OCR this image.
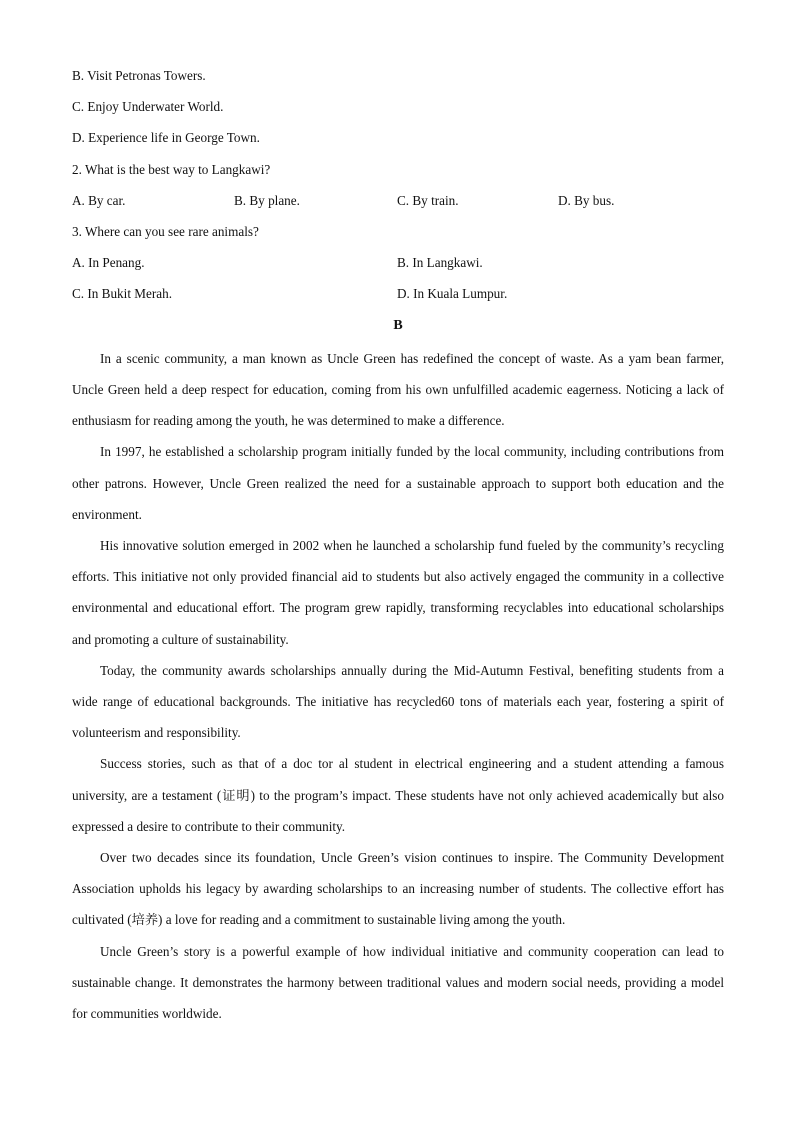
B. Visit Petronas Towers.
C. Enjoy Underwater World.
D. Experience life in George Town.
2. What is the best way to Langkawi?
A. By car.	B. By plane.	C. By train.	D. By bus.
3. Where can you see rare animals?
A. In Penang.	B. In Langkawi.
C. In Bukit Merah.	D. In Kuala Lumpur.
B

In a scenic community, a man known as Uncle Green has redefined the concept of waste. As a yam bean farmer, Uncle Green held a deep respect for education, coming from his own unfulfilled academic eagerness. Noticing a lack of enthusiasm for reading among the youth, he was determined to make a difference.

In 1997, he established a scholarship program initially funded by the local community, including contributions from other patrons. However, Uncle Green realized the need for a sustainable approach to support both education and the environment.

His innovative solution emerged in 2002 when he launched a scholarship fund fueled by the community’s recycling efforts. This initiative not only provided financial aid to students but also actively engaged the community in a collective environmental and educational effort. The program grew rapidly, transforming recyclables into educational scholarships and promoting a culture of sustainability.

Today, the community awards scholarships annually during the Mid-Autumn Festival, benefiting students from a wide range of educational backgrounds. The initiative has recycled60 tons of materials each year, fostering a spirit of volunteerism and responsibility.

Success stories, such as that of a doc tor al student in electrical engineering and a student attending a famous university, are a testament (证明) to the program’s impact. These students have not only achieved academically but also expressed a desire to contribute to their community.

Over two decades since its foundation, Uncle Green’s vision continues to inspire. The Community Development Association upholds his legacy by awarding scholarships to an increasing number of students. The collective effort has cultivated (培养) a love for reading and a commitment to sustainable living among the youth.

Uncle Green’s story is a powerful example of how individual initiative and community cooperation can lead to sustainable change. It demonstrates the harmony between traditional values and modern social needs, providing a model for communities worldwide.
